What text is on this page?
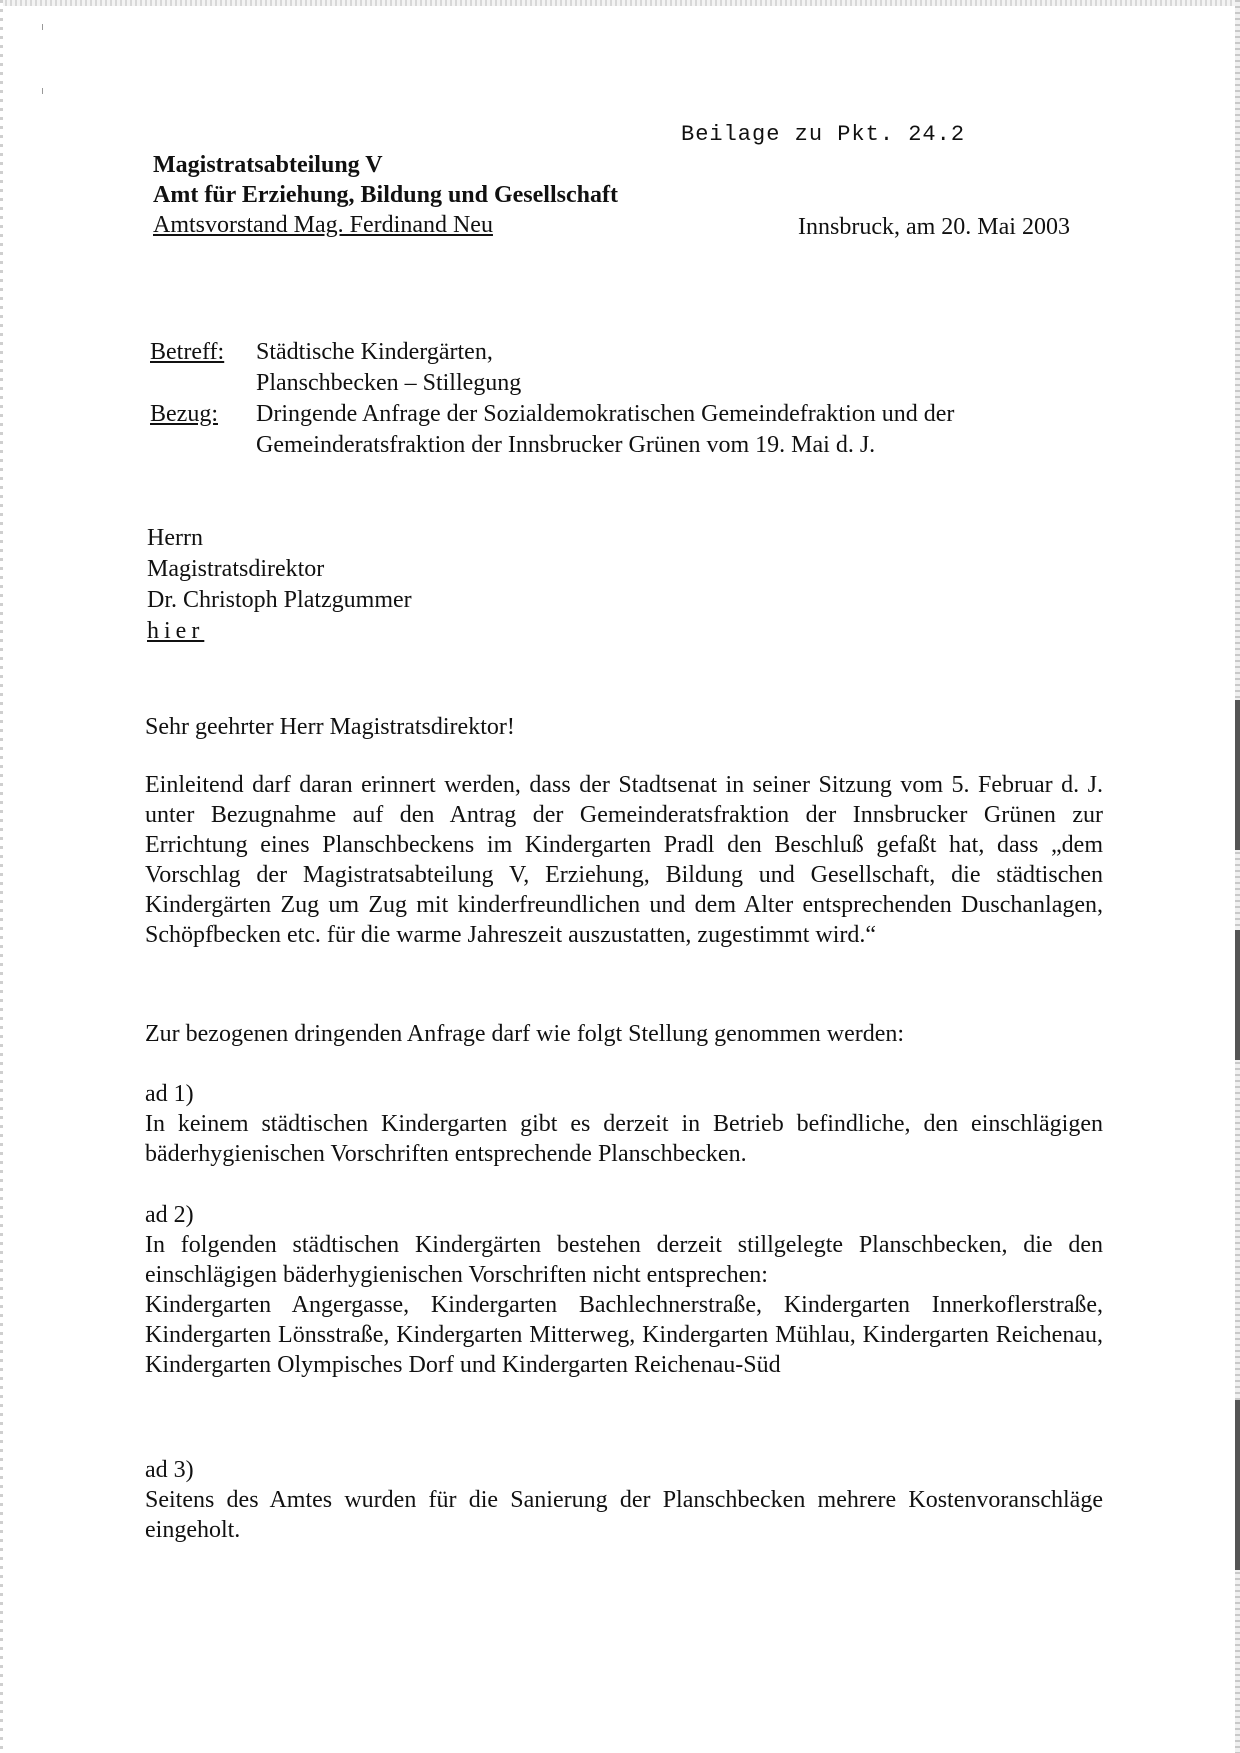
Beilage zu Pkt. 24.2
Magistratsabteilung V
Amt für Erziehung, Bildung und Gesellschaft
Amtsvorstand Mag. Ferdinand Neu	Innsbruck, am 20. Mai 2003
Betreff:	Städtische Kindergärten,
Planschbecken – Stillegung
Bezug:	Dringende Anfrage der Sozialdemokratischen Gemeindefraktion und der
Gemeinderatsfraktion der Innsbrucker Grünen vom 19. Mai d. J.
Herrn
Magistratsdirektor
Dr. Christoph Platzgummer
hier
Sehr geehrter Herr Magistratsdirektor!

Einleitend darf daran erinnert werden, dass der Stadtsenat in seiner Sitzung vom 5. Februar d. J. unter Bezugnahme auf den Antrag der Gemeinderatsfraktion der Innsbrucker Grünen zur Errichtung eines Planschbeckens im Kindergarten Pradl den Beschluß gefaßt hat, dass „dem Vorschlag der Magistratsabteilung V, Erziehung, Bildung und Gesellschaft, die städtischen Kindergärten Zug um Zug mit kinderfreundlichen und dem Alter entsprechenden Duschanlagen, Schöpfbecken etc. für die warme Jahreszeit auszustatten, zugestimmt wird.“

Zur bezogenen dringenden Anfrage darf wie folgt Stellung genommen werden:
ad 1)

In keinem städtischen Kindergarten gibt es derzeit in Betrieb befindliche, den einschlägigen bäderhygienischen Vorschriften entsprechende Planschbecken.

ad 2)

In folgenden städtischen Kindergärten bestehen derzeit stillgelegte Planschbecken, die den einschlägigen bäderhygienischen Vorschriften nicht entsprechen:

Kindergarten Angergasse, Kindergarten Bachlechnerstraße, Kindergarten Innerkoflerstraße, Kindergarten Lönsstraße, Kindergarten Mitterweg, Kindergarten Mühlau, Kindergarten Reichenau, Kindergarten Olympisches Dorf und Kindergarten Reichenau-Süd

ad 3)

Seitens des Amtes wurden für die Sanierung der Planschbecken mehrere Kostenvoranschläge eingeholt.
